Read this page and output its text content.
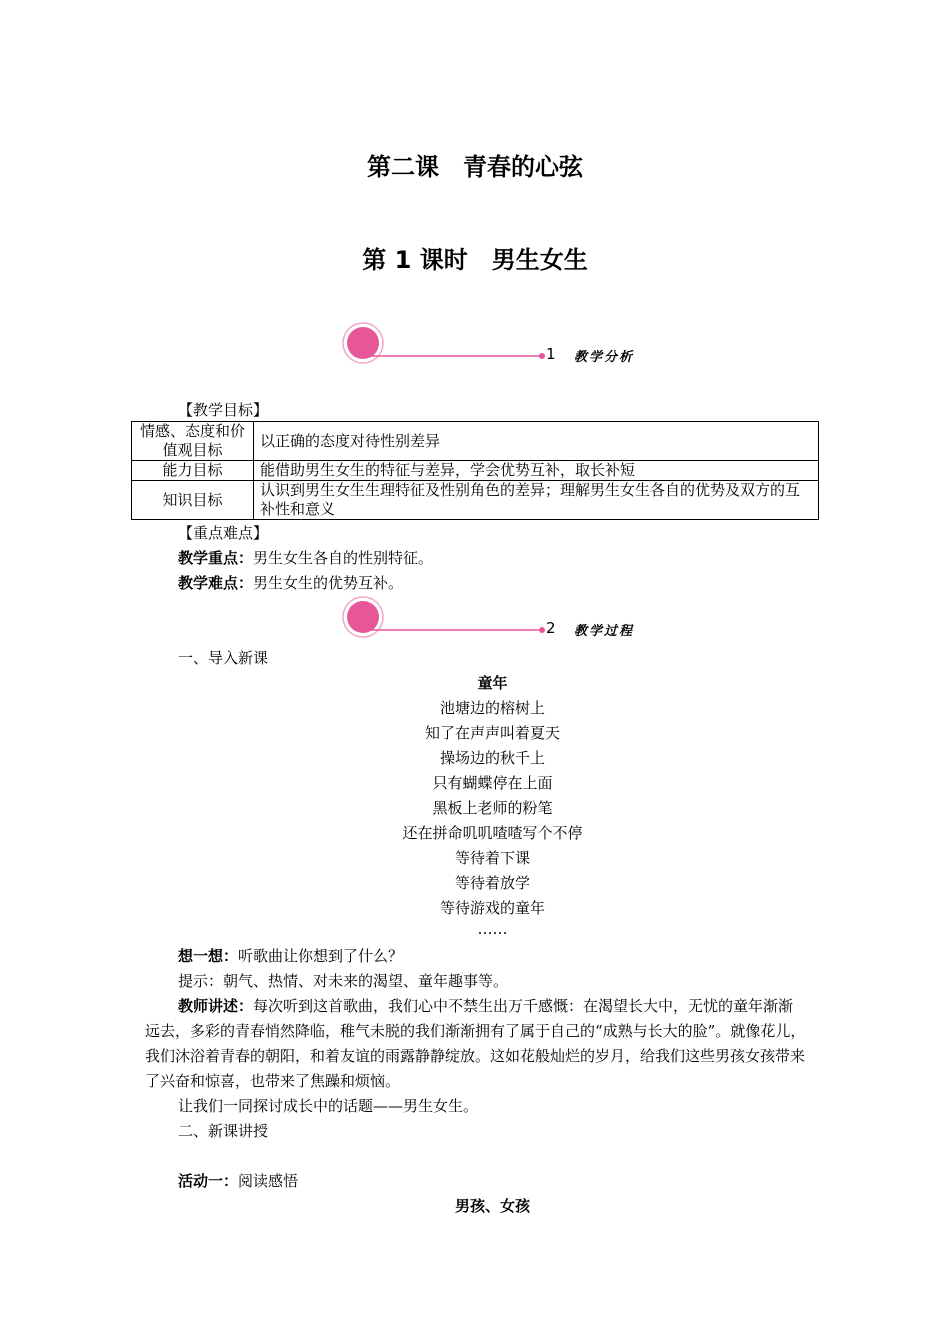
第二课　青春的心弦
第 1 课时　男生女生
1 教学分析
【教学目标】
情感、态度和价值观目标	以正确的态度对待性别差异
能力目标	能借助男生女生的特征与差异，学会优势互补，取长补短
知识目标	认识到男生女生生理特征及性别角色的差异；理解男生女生各自的优势及双方的互补性和意义
【重点难点】
教学重点：男生女生各自的性别特征。
教学难点：男生女生的优势互补。
2 教学过程
一、导入新课
童年
池塘边的榕树上
知了在声声叫着夏天
操场边的秋千上
只有蝴蝶停在上面
黑板上老师的粉笔
还在拼命叽叽喳喳写个不停
等待着下课
等待着放学
等待游戏的童年
……
想一想：听歌曲让你想到了什么？
提示：朝气、热情、对未来的渴望、童年趣事等。
教师讲述：每次听到这首歌曲，我们心中不禁生出万千感慨：在渴望长大中，无忧的童年渐渐远去，多彩的青春悄然降临，稚气未脱的我们渐渐拥有了属于自己的“成熟与长大的脸”。就像花儿，我们沐浴着青春的朝阳，和着友谊的雨露静静绽放。这如花般灿烂的岁月，给我们这些男孩女孩带来了兴奋和惊喜，也带来了焦躁和烦恼。
让我们一同探讨成长中的话题——男生女生。
二、新课讲授
活动一：阅读感悟
男孩、女孩
